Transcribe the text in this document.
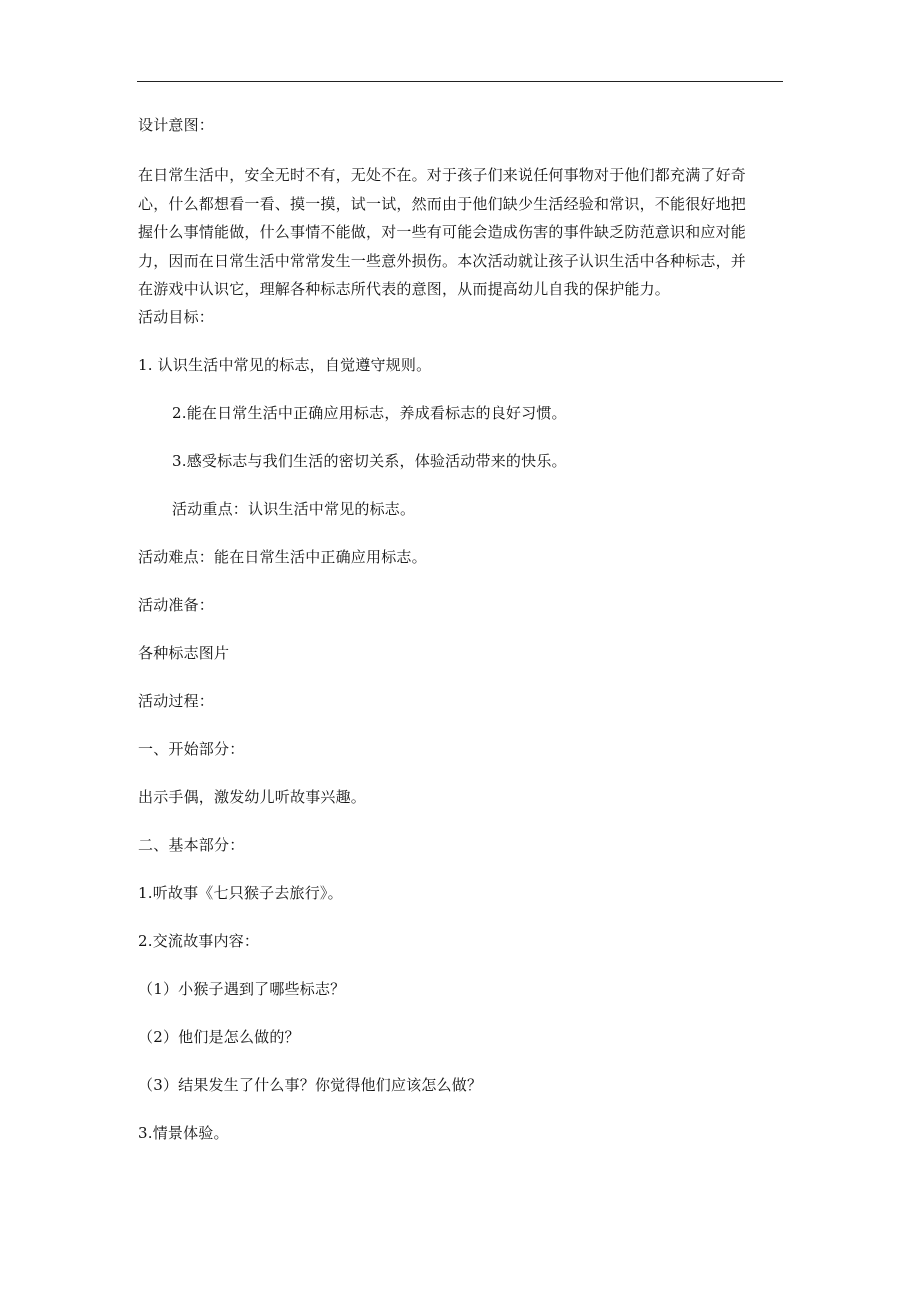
设计意图：
在日常生活中，安全无时不有，无处不在。对于孩子们来说任何事物对于他们都充满了好奇
心，什么都想看一看、摸一摸，试一试，然而由于他们缺少生活经验和常识，不能很好地把
握什么事情能做，什么事情不能做，对一些有可能会造成伤害的事件缺乏防范意识和应对能
力，因而在日常生活中常常发生一些意外损伤。本次活动就让孩子认识生活中各种标志，并
在游戏中认识它，理解各种标志所代表的意图，从而提高幼儿自我的保护能力。
活动目标：
1. 认识生活中常见的标志，自觉遵守规则。
2.能在日常生活中正确应用标志，养成看标志的良好习惯。
3.感受标志与我们生活的密切关系，体验活动带来的快乐。
活动重点：认识生活中常见的标志。
活动难点：能在日常生活中正确应用标志。
活动准备：
各种标志图片
活动过程：
一、开始部分：
出示手偶，激发幼儿听故事兴趣。
二、基本部分：
1.听故事《七只猴子去旅行》。
2.交流故事内容：
（1）小猴子遇到了哪些标志？
（2）他们是怎么做的？
（3）结果发生了什么事？你觉得他们应该怎么做？
3.情景体验。
